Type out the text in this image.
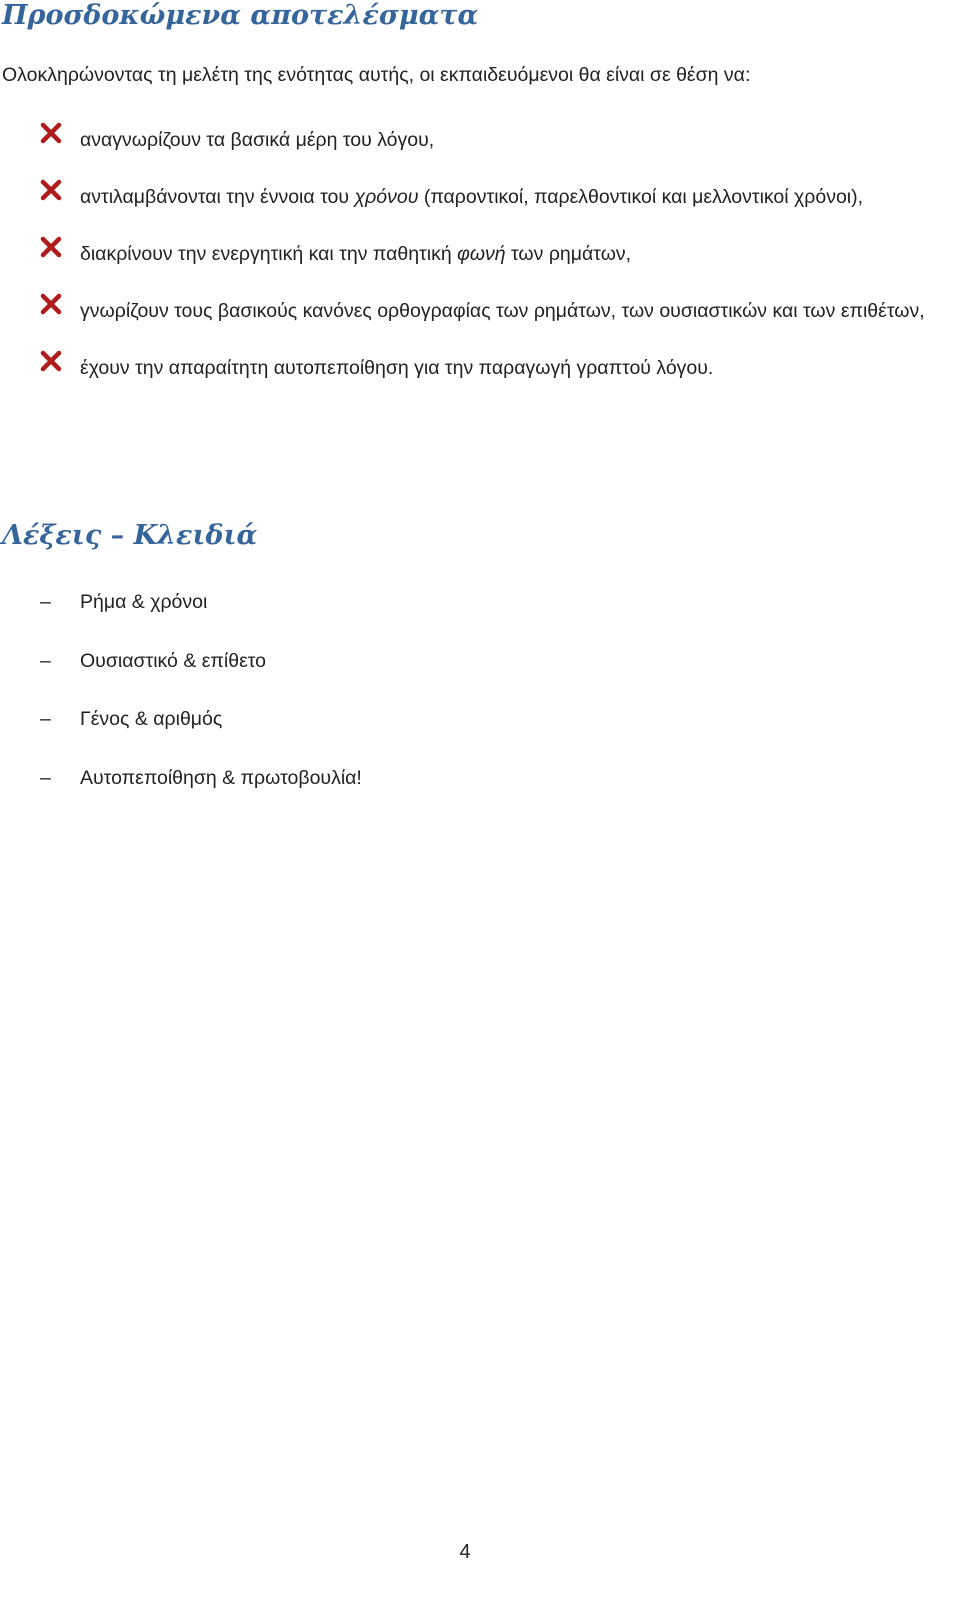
Προσδοκώμενα αποτελέσματα

Ολοκληρώνοντας τη μελέτη της ενότητας αυτής, οι εκπαιδευόμενοι θα είναι σε θέση να:

αναγνωρίζουν τα βασικά μέρη του λόγου,
αντιλαμβάνονται την έννοια του χρόνου (παροντικοί, παρελθοντικοί και μελλοντικοί χρόνοι),
διακρίνουν την ενεργητική και την παθητική φωνή των ρημάτων,
γνωρίζουν τους βασικούς κανόνες ορθογραφίας των ρημάτων, των ουσιαστικών και των επιθέτων,
έχουν την απαραίτητη αυτοπεποίθηση για την παραγωγή γραπτού λόγου.
Λέξεις – Κλειδιά
– Ρήμα & χρόνοι
– Ουσιαστικό & επίθετο
– Γένος & αριθμός
– Αυτοπεποίθηση & πρωτοβουλία!
4
